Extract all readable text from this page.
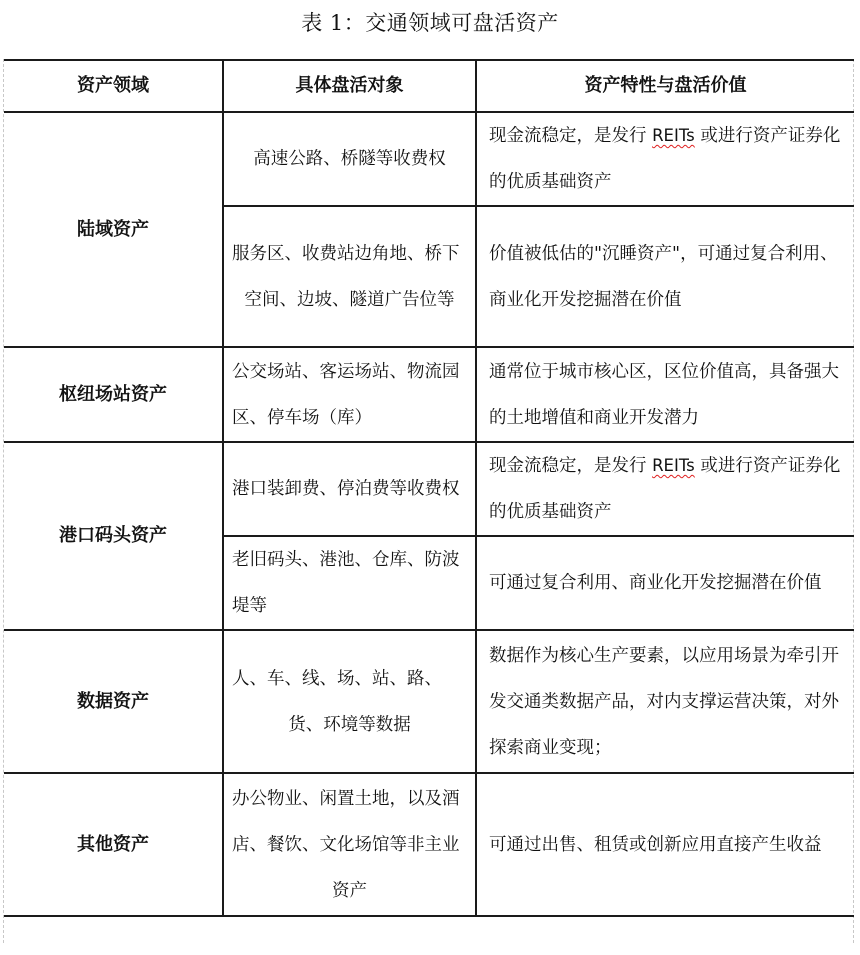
表 1：交通领域可盘活资产
资产领域	具体盘活对象	资产特性与盘活价值
陆域资产	高速公路、桥隧等收费权	现金流稳定，是发行 REITs 或进行资产证券化的优质基础资产
	服务区、收费站边角地、桥下空间、边坡、隧道广告位等	价值被低估的"沉睡资产"，可通过复合利用、商业化开发挖掘潜在价值
枢纽场站资产	公交场站、客运场站、物流园区、停车场（库）	通常位于城市核心区，区位价值高，具备强大的土地增值和商业开发潜力
港口码头资产	港口装卸费、停泊费等收费权	现金流稳定，是发行 REITs 或进行资产证券化的优质基础资产
	老旧码头、港池、仓库、防波堤等	可通过复合利用、商业化开发挖掘潜在价值
数据资产	人、车、线、场、站、路、货、环境等数据	数据作为核心生产要素，以应用场景为牵引开发交通类数据产品，对内支撑运营决策，对外探索商业变现；
其他资产	办公物业、闲置土地，以及酒店、餐饮、文化场馆等非主业资产	可通过出售、租赁或创新应用直接产生收益
